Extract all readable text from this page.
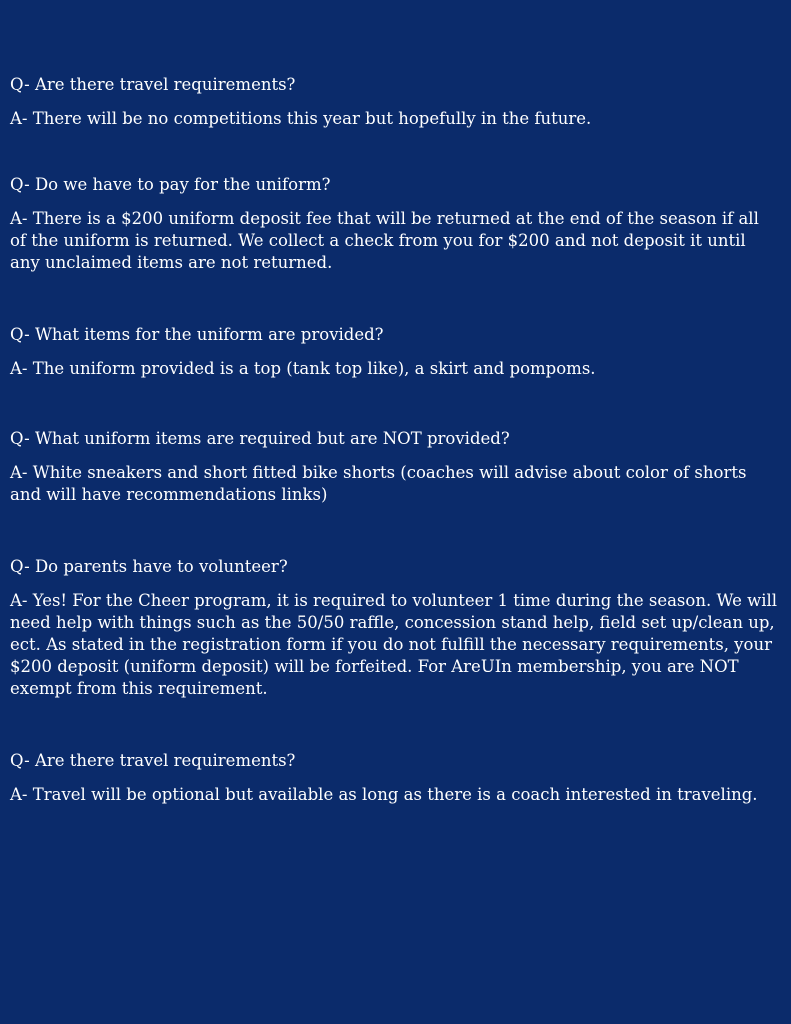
Q- Are there travel requirements?

A- There will be no competitions this year but hopefully in the future.

Q- Do we have to pay for the uniform?

A- There is a $200 uniform deposit fee that will be returned at the end of the season if all of the uniform is returned. We collect a check from you for $200 and not deposit it until any unclaimed items are not returned.

Q- What items for the uniform are provided?

A- The uniform provided is a top (tank top like), a skirt and pompoms.

Q- What uniform items are required but are NOT provided?

A- White sneakers and short fitted bike shorts (coaches will advise about color of shorts and will have recommendations links)

Q- Do parents have to volunteer?

A- Yes! For the Cheer program, it is required to volunteer 1 time during the season. We will need help with things such as the 50/50 raffle, concession stand help, field set up/clean up, ect. As stated in the registration form if you do not fulfill the necessary requirements, your $200 deposit (uniform deposit) will be forfeited. For AreUIn membership, you are NOT exempt from this requirement.

Q- Are there travel requirements?

A- Travel will be optional but available as long as there is a coach interested in traveling.
